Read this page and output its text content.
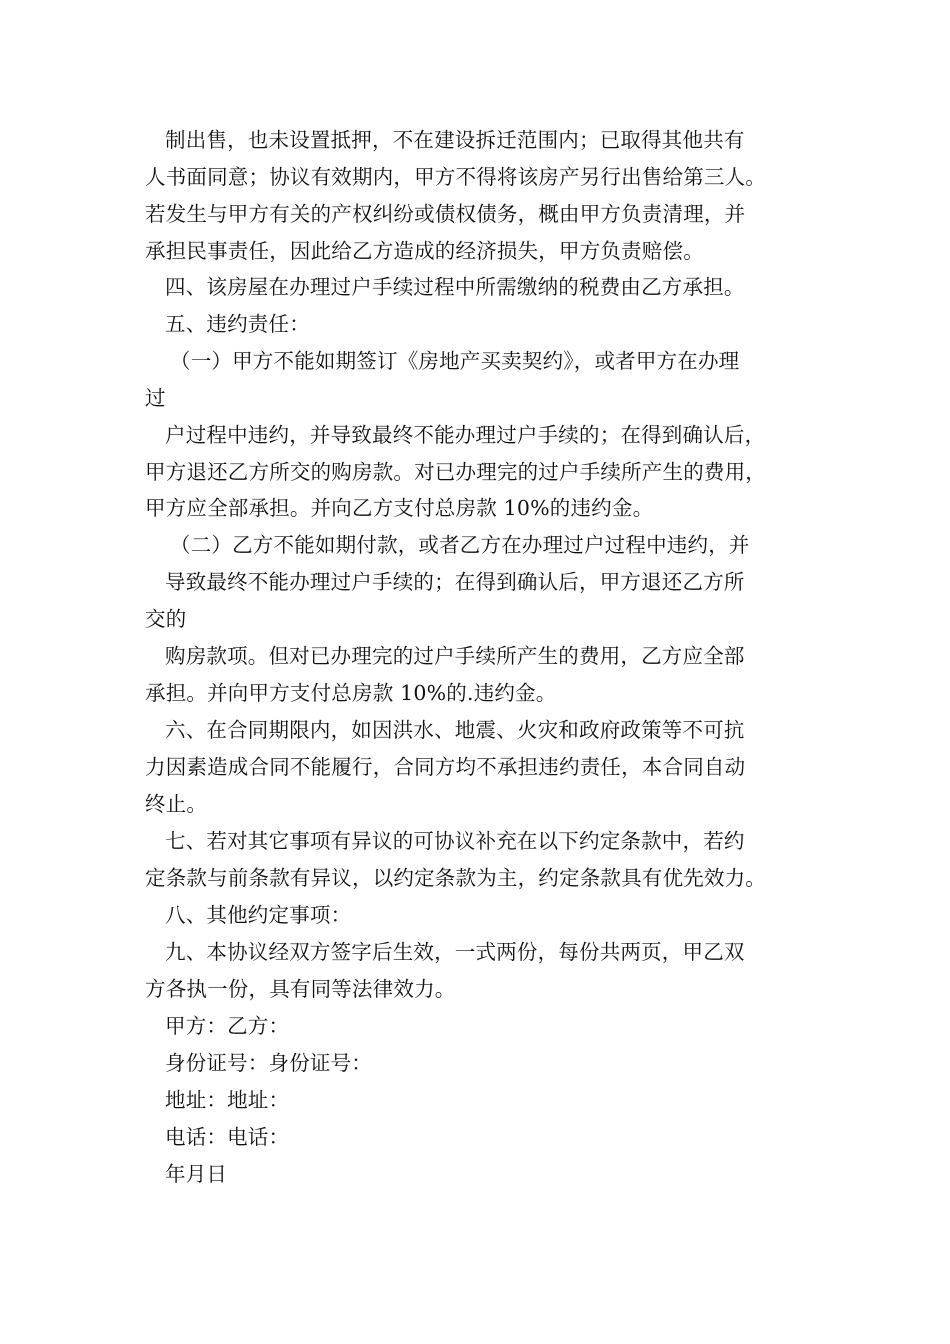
制出售，也未设置抵押，不在建设拆迁范围内；已取得其他共有

人书面同意；协议有效期内，甲方不得将该房产另行出售给第三人。

若发生与甲方有关的产权纠纷或债权债务，概由甲方负责清理，并

承担民事责任，因此给乙方造成的经济损失，甲方负责赔偿。

四、该房屋在办理过户手续过程中所需缴纳的税费由乙方承担。

五、违约责任：

（一）甲方不能如期签订《房地产买卖契约》，或者甲方在办理

过

户过程中违约，并导致最终不能办理过户手续的；在得到确认后，

甲方退还乙方所交的购房款。对已办理完的过户手续所产生的费用，

甲方应全部承担。并向乙方支付总房款 10%的违约金。

（二）乙方不能如期付款，或者乙方在办理过户过程中违约，并

导致最终不能办理过户手续的；在得到确认后，甲方退还乙方所

交的

购房款项。但对已办理完的过户手续所产生的费用，乙方应全部

承担。并向甲方支付总房款 10%的.违约金。

六、在合同期限内，如因洪水、地震、火灾和政府政策等不可抗

力因素造成合同不能履行，合同方均不承担违约责任，本合同自动

终止。

七、若对其它事项有异议的可协议补充在以下约定条款中，若约

定条款与前条款有异议，以约定条款为主，约定条款具有优先效力。

八、其他约定事项：

九、本协议经双方签字后生效，一式两份，每份共两页，甲乙双

方各执一份，具有同等法律效力。

甲方：乙方：

身份证号：身份证号：

地址：地址：

电话：电话：

年月日
